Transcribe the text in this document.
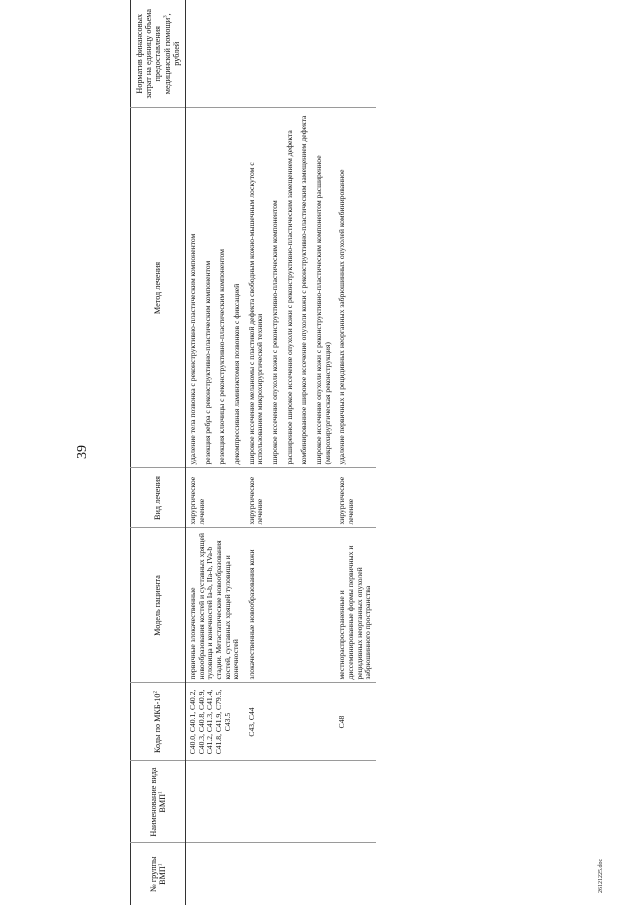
26121225.doc
39
№ группы ВМП$^1$	Наименование вида ВМП$^1$	Коды по МКБ-$10^2$	Модель пациента	Вид лечения	Метод лечения	Норматив финансовых затрат на единицу объема предоставления медицинской помощи$^3$, рублей
		C40.0, C40.1, C40.2, C40.3, C40.8, C40.9, C41.2, C41.3, C41.4, C41.8, C41.9, C79.5, C43.5	первичные злокачественные новообразования костей и суставных хрящей туловища и конечностей Ia-b, IIa-b, IVa-b стадии. Метастатические новообразования костей, суставных хрящей туловища и конечностей	хирургическое лечение	удаление тела позвонка с реконструктивно-пластическим компонентом резекция ребра с реконструктивно-пластическим компонентом резекция ключицы с реконструктивно-пластическим компонентом декомпрессивная ламинэктомия позвонков с фиксацией	

		C43, C44	злокачественные новообразования кожи	хирургическое лечение	широкое иссечение меланомы с пластикой дефекта свободным кожно-мышечным лоскутом с использованием микрохирургической техники широкое иссечение опухоли кожи с реконструктивно-пластическим компонентом расширенное широкое иссечение опухоли кожи с реконструктивно-пластическим замещением дефекта комбинированное широкое иссечение опухоли кожи с реконструктивно-пластическим замещением дефекта широкое иссечение опухоли кожи с реконструктивно-пластическим компонентом расширенное (микрохирургическая реконструкция)	

		C48	местнораспространенные и диссеминированные формы первичных и рецидивных неорганных опухолей забрюшинного пространства	хирургическое лечение	удаление первичных и рецидивных неорганных забрюшинных опухолей комбинированное	
